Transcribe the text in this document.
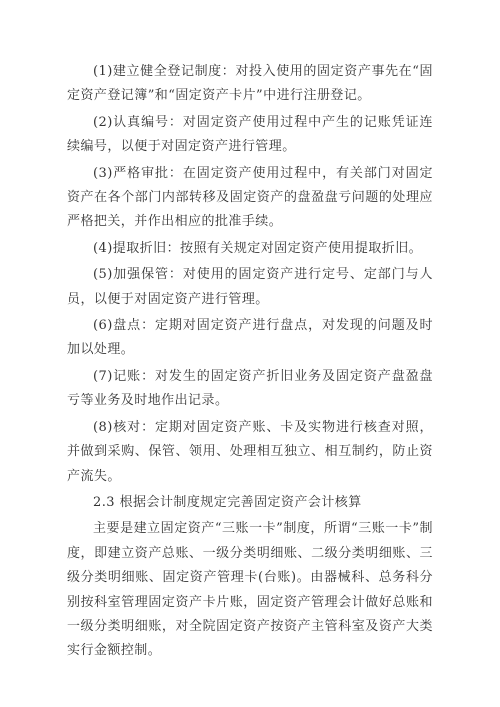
(1)建立健全登记制度：对投入使用的固定资产事先在“固定资产登记簿”和“固定资产卡片”中进行注册登记。

(2)认真编号：对固定资产使用过程中产生的记账凭证连续编号，以便于对固定资产进行管理。

(3)严格审批：在固定资产使用过程中，有关部门对固定资产在各个部门内部转移及固定资产的盘盈盘亏问题的处理应严格把关，并作出相应的批准手续。

(4)提取折旧：按照有关规定对固定资产使用提取折旧。

(5)加强保管：对使用的固定资产进行定号、定部门与人员，以便于对固定资产进行管理。

(6)盘点：定期对固定资产进行盘点，对发现的问题及时加以处理。

(7)记账：对发生的固定资产折旧业务及固定资产盘盈盘亏等业务及时地作出记录。

(8)核对：定期对固定资产账、卡及实物进行核查对照，并做到采购、保管、领用、处理相互独立、相互制约，防止资产流失。

2.3 根据会计制度规定完善固定资产会计核算

主要是建立固定资产“三账一卡”制度，所谓“三账一卡”制度，即建立资产总账、一级分类明细账、二级分类明细账、三级分类明细账、固定资产管理卡(台账)。由器械科、总务科分别按科室管理固定资产卡片账，固定资产管理会计做好总账和一级分类明细账，对全院固定资产按资产主管科室及资产大类实行金额控制。
